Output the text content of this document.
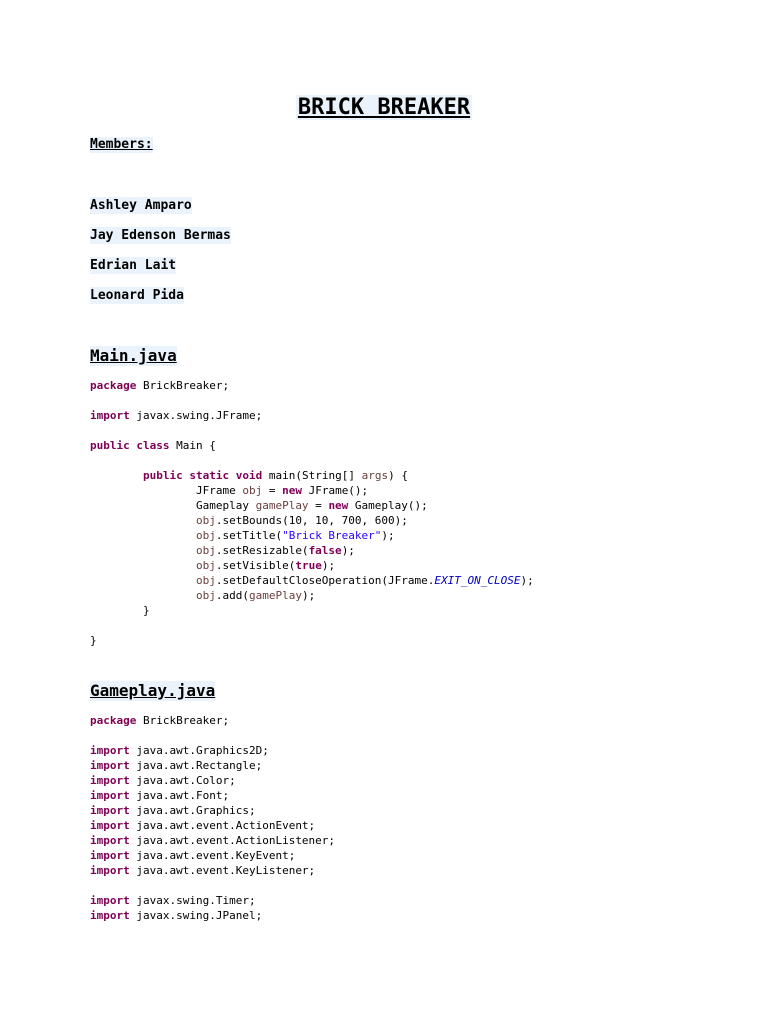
BRICK BREAKER
Members:
Ashley Amparo
Jay Edenson Bermas
Edrian Lait
Leonard Pida
Main.java
package BrickBreaker;

import javax.swing.JFrame;

public class Main {

public static void main(String[] args) {
JFrame obj = new JFrame();
Gameplay gamePlay = new Gameplay();
obj.setBounds(10, 10, 700, 600);
obj.setTitle("Brick Breaker");
obj.setResizable(false);
obj.setVisible(true);
obj.setDefaultCloseOperation(JFrame.EXIT_ON_CLOSE);
obj.add(gamePlay);
}

}
Gameplay.java
package BrickBreaker;

import java.awt.Graphics2D;
import java.awt.Rectangle;
import java.awt.Color;
import java.awt.Font;
import java.awt.Graphics;
import java.awt.event.ActionEvent;
import java.awt.event.ActionListener;
import java.awt.event.KeyEvent;
import java.awt.event.KeyListener;

import javax.swing.Timer;
import javax.swing.JPanel;
